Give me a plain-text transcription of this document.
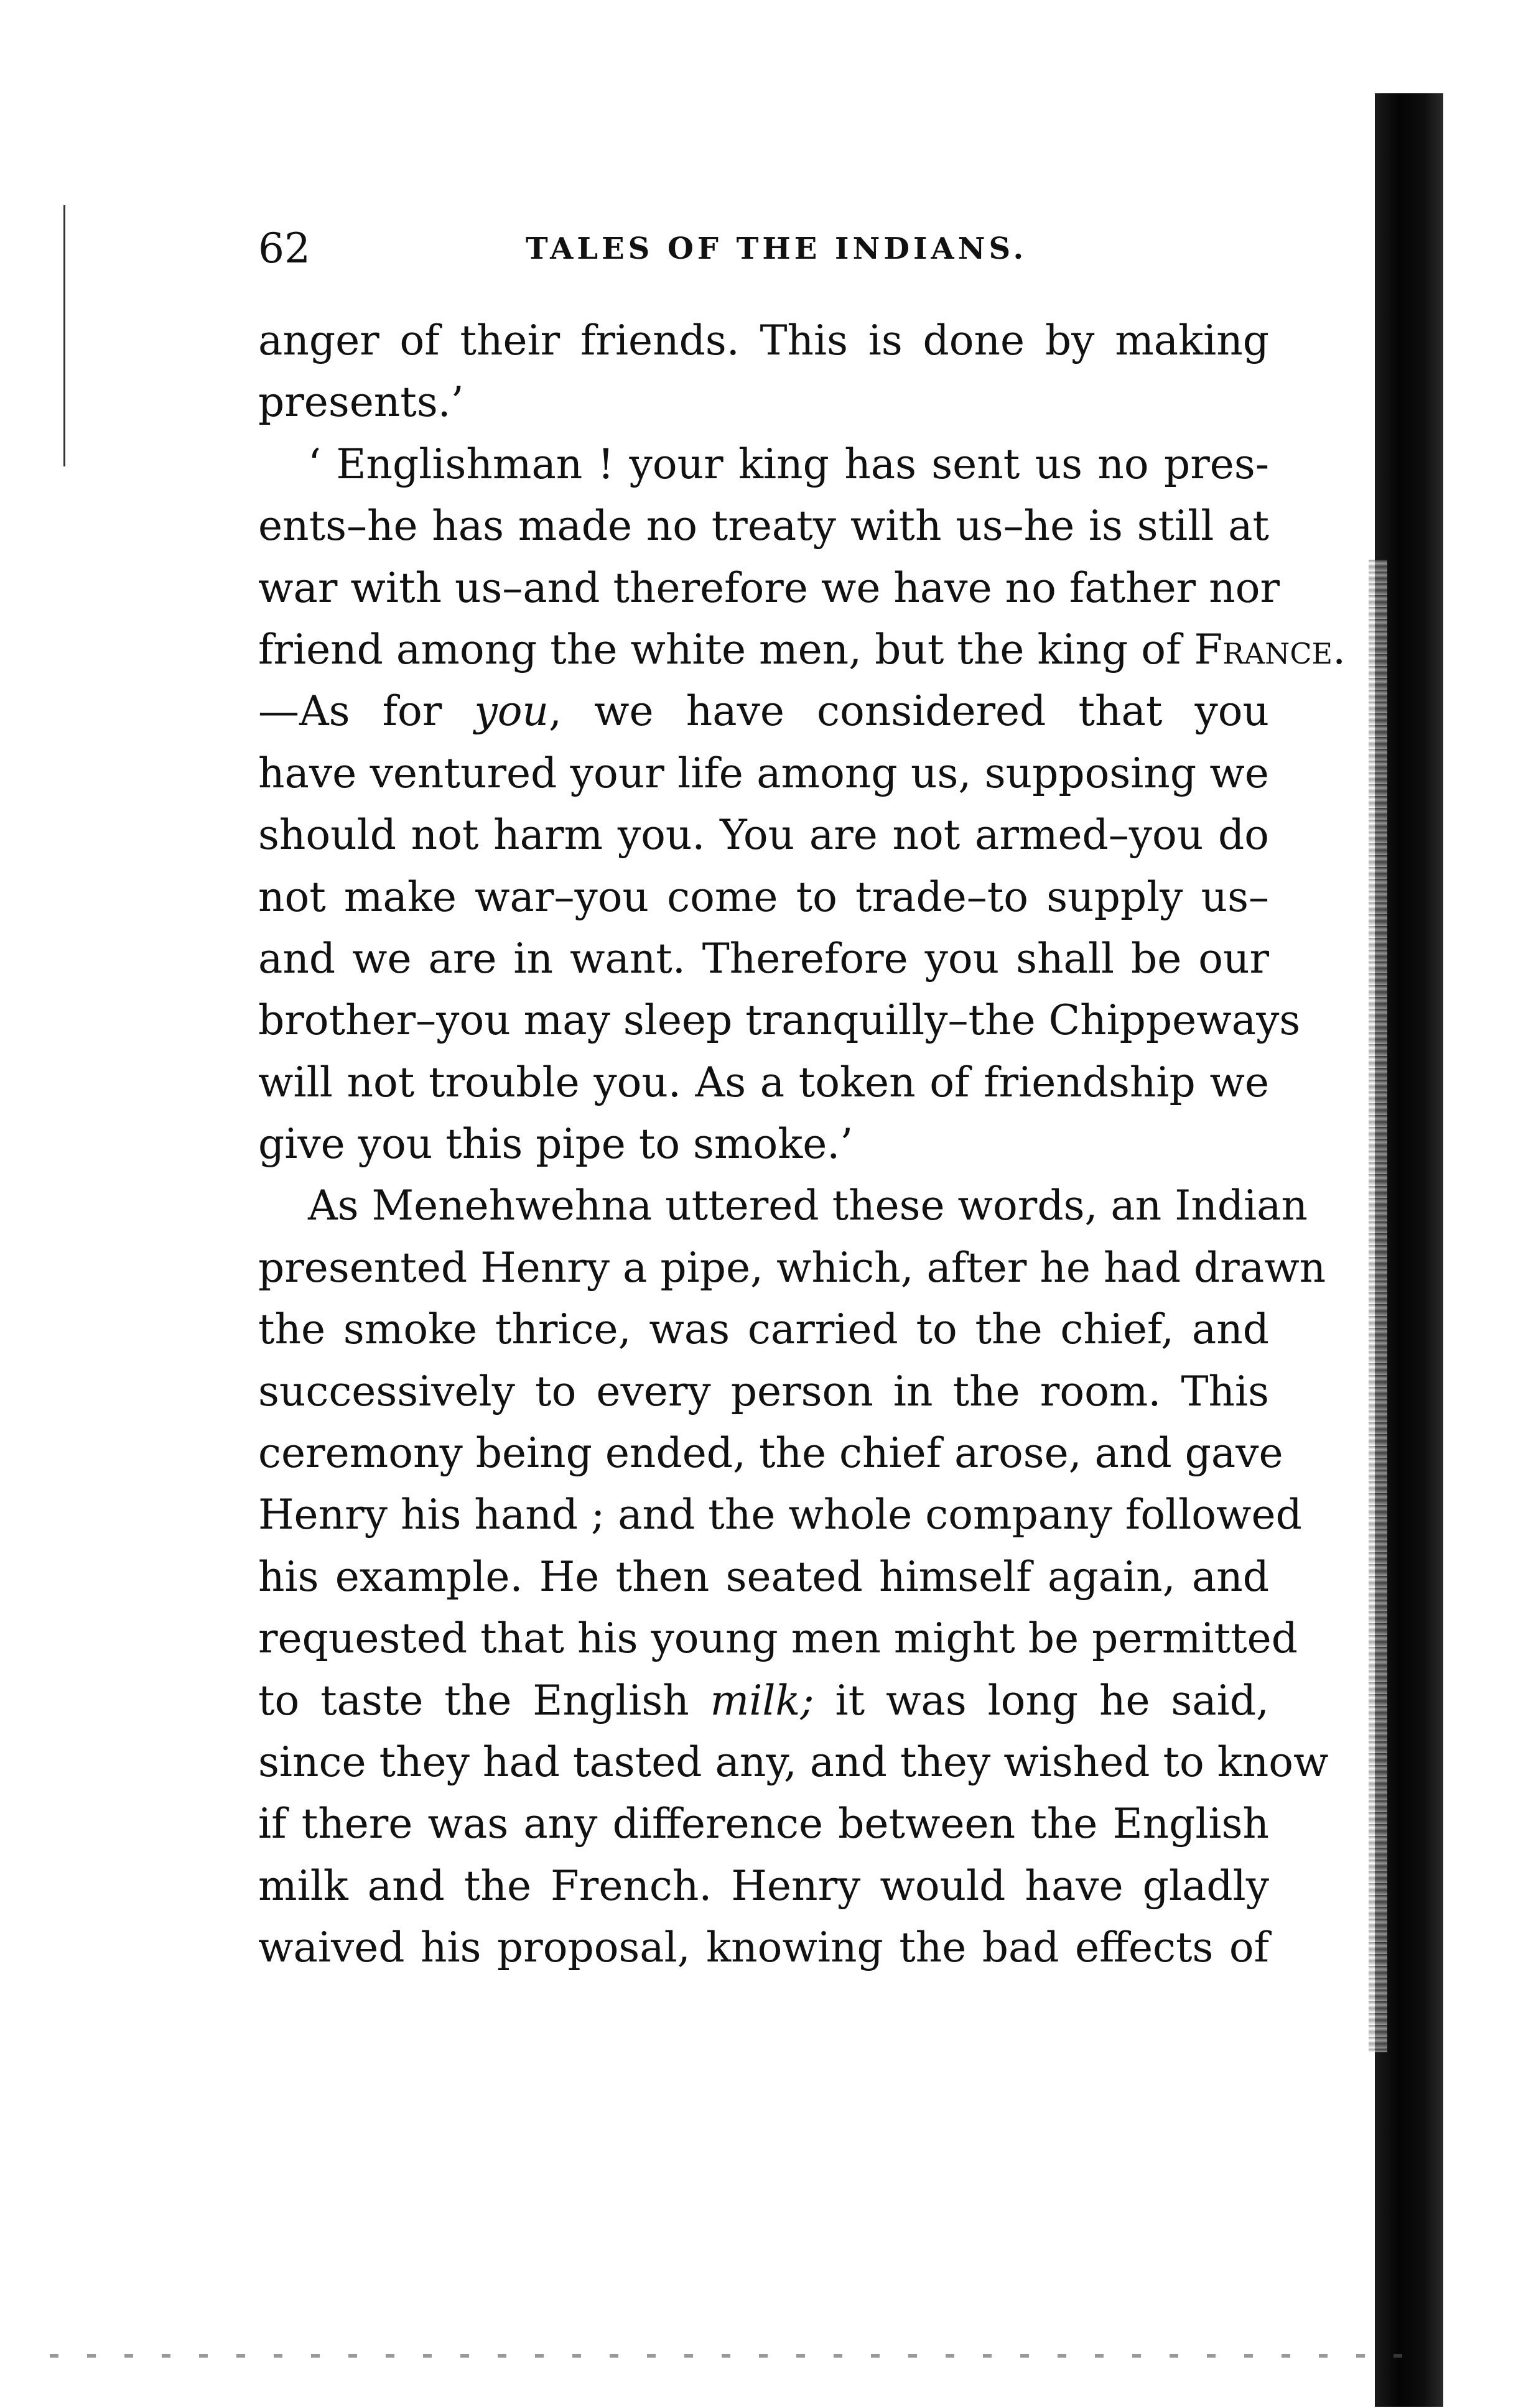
62	TALES OF THE INDIANS.
anger of their friends. This is done by making
presents.’
‘ Englishman ! your king has sent us no pres-
ents–he has made no treaty with us–he is still at
war with us–and therefore we have no father nor
friend among the white men, but the king of France.
—As for you, we have considered that you
have ventured your life among us, supposing we
should not harm you. You are not armed–you do
not make war–you come to trade–to supply us–
and we are in want. Therefore you shall be our
brother–you may sleep tranquilly–the Chippeways
will not trouble you. As a token of friendship we
give you this pipe to smoke.’
As Menehwehna uttered these words, an Indian
presented Henry a pipe, which, after he had drawn
the smoke thrice, was carried to the chief, and
successively to every person in the room. This
ceremony being ended, the chief arose, and gave
Henry his hand ; and the whole company followed
his example. He then seated himself again, and
requested that his young men might be permitted
to taste the English milk; it was long he said,
since they had tasted any, and they wished to know
if there was any difference between the English
milk and the French. Henry would have gladly
waived his proposal, knowing the bad effects of
